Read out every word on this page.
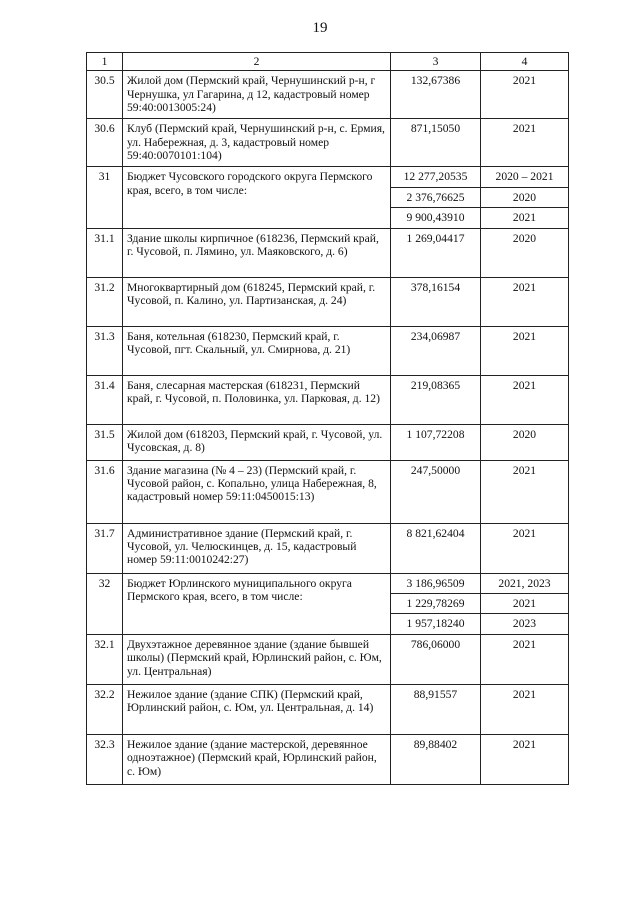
19
1	2	3	4
30.5	Жилой дом (Пермский край, Чернушинский р-н, г Чернушка, ул Гагарина, д 12, кадастровый номер 59:40:0013005:24)	132,67386	2021
30.6	Клуб (Пермский край, Чернушинский р-н, с. Ермия, ул. Набережная, д. 3, кадастровый номер 59:40:0070101:104)	871,15050	2021
31	Бюджет Чусовского городского округа Пермского края, всего, в том числе:	12 277,20535	2020 – 2021
		2 376,76625	2020
		9 900,43910	2021
31.1	Здание школы кирпичное (618236, Пермский край, г. Чусовой, п. Лямино, ул. Маяковского, д. 6)	1 269,04417	2020
31.2	Многоквартирный дом (618245, Пермский край, г. Чусовой, п. Калино, ул. Партизанская, д. 24)	378,16154	2021
31.3	Баня, котельная (618230, Пермский край, г. Чусовой, пгт. Скальный, ул. Смирнова, д. 21)	234,06987	2021
31.4	Баня, слесарная мастерская (618231, Пермский край, г. Чусовой, п. Половинка, ул. Парковая, д. 12)	219,08365	2021
31.5	Жилой дом (618203, Пермский край, г. Чусовой, ул. Чусовская, д. 8)	1 107,72208	2020
31.6	Здание магазина (№ 4 – 23) (Пермский край, г. Чусовой район, с. Копально, улица Набережная, 8, кадастровый номер 59:11:0450015:13)	247,50000	2021
31.7	Административное здание (Пермский край, г. Чусовой, ул. Челюскинцев, д. 15, кадастровый номер 59:11:0010242:27)	8 821,62404	2021
32	Бюджет Юрлинского муниципального округа Пермского края, всего, в том числе:	3 186,96509	2021, 2023
		1 229,78269	2021
		1 957,18240	2023
32.1	Двухэтажное деревянное здание (здание бывшей школы) (Пермский край, Юрлинский район, с. Юм, ул. Центральная)	786,06000	2021
32.2	Нежилое здание (здание СПК) (Пермский край, Юрлинский район, с. Юм, ул. Центральная, д. 14)	88,91557	2021
32.3	Нежилое здание (здание мастерской, деревянное одноэтажное) (Пермский край, Юрлинский район, с. Юм)	89,88402	2021
